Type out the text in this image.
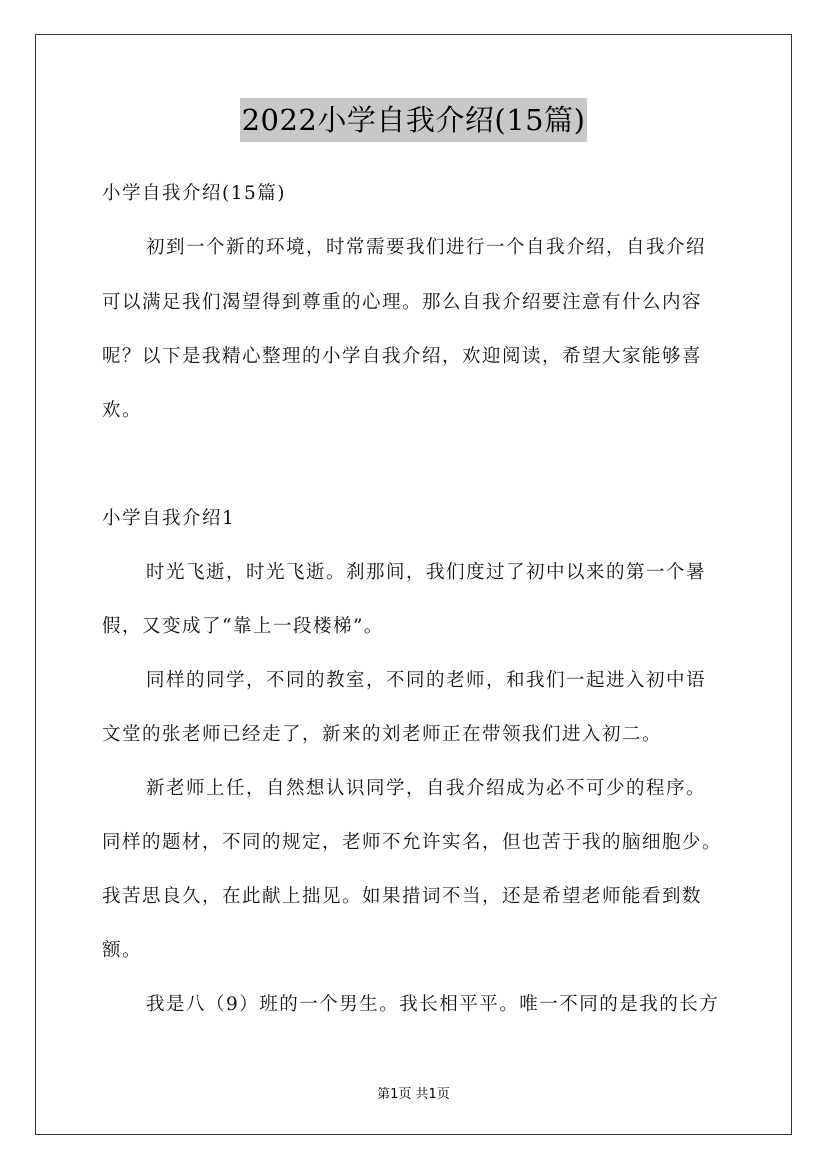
2022小学自我介绍(15篇)
小学自我介绍(15篇)
初到一个新的环境，时常需要我们进行一个自我介绍，自我介绍
可以满足我们渴望得到尊重的心理。那么自我介绍要注意有什么内容
呢？以下是我精心整理的小学自我介绍，欢迎阅读，希望大家能够喜
欢。
小学自我介绍1
时光飞逝，时光飞逝。刹那间，我们度过了初中以来的第一个暑
假，又变成了“靠上一段楼梯”。
同样的同学，不同的教室，不同的老师，和我们一起进入初中语
文堂的张老师已经走了，新来的刘老师正在带领我们进入初二。
新老师上任，自然想认识同学，自我介绍成为必不可少的程序。
同样的题材，不同的规定，老师不允许实名，但也苦于我的脑细胞少。
我苦思良久，在此献上拙见。如果措词不当，还是希望老师能看到数
额。
我是八（9）班的一个男生。我长相平平。唯一不同的是我的长方
第1页 共1页
